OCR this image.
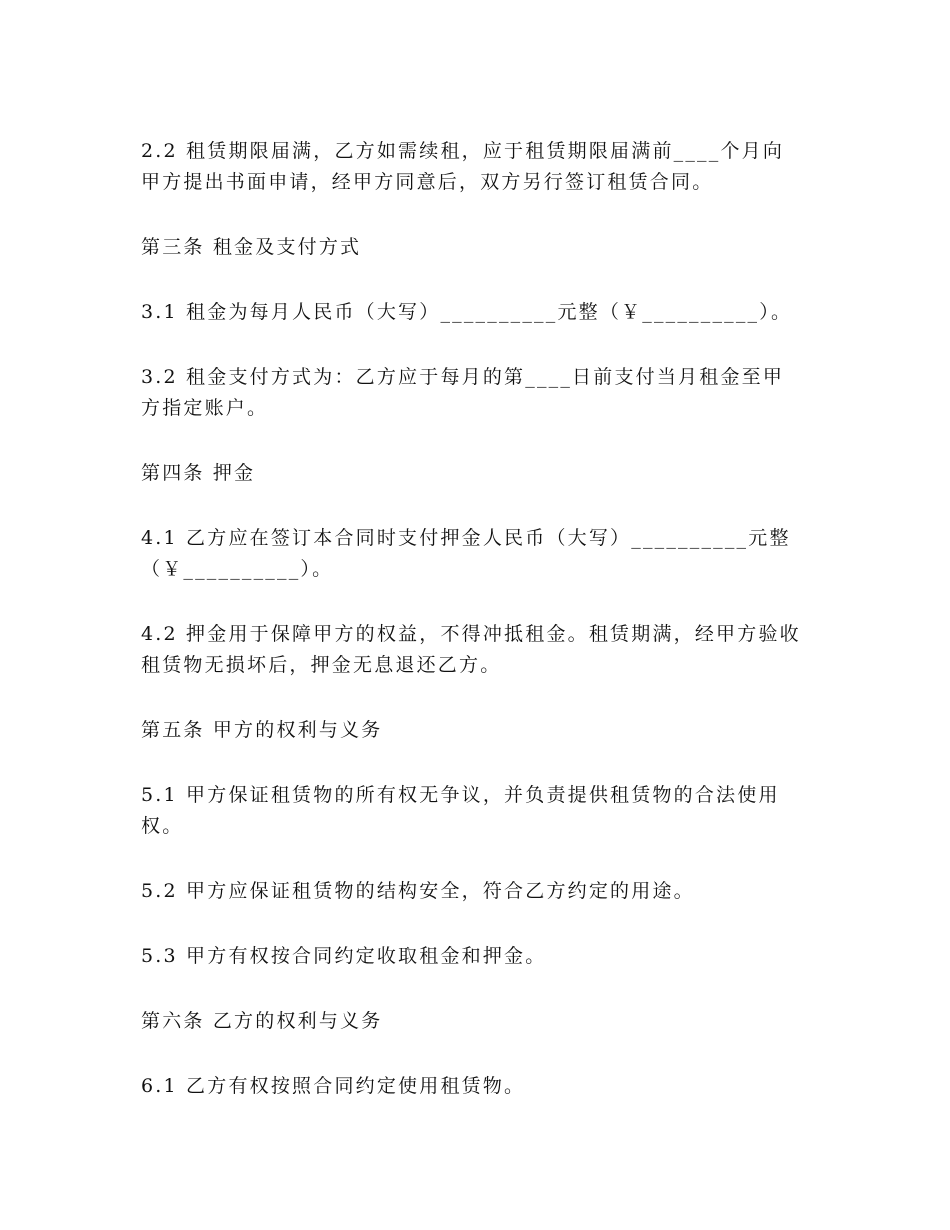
2.2 租赁期限届满，乙方如需续租，应于租赁期限届满前____个月向甲方提出书面申请，经甲方同意后，双方另行签订租赁合同。

第三条 租金及支付方式

3.1 租金为每月人民币（大写）__________元整（￥__________）。

3.2 租金支付方式为：乙方应于每月的第____日前支付当月租金至甲方指定账户。

第四条 押金

4.1 乙方应在签订本合同时支付押金人民币（大写）__________元整（￥__________）。

4.2 押金用于保障甲方的权益，不得冲抵租金。租赁期满，经甲方验收租赁物无损坏后，押金无息退还乙方。

第五条 甲方的权利与义务

5.1 甲方保证租赁物的所有权无争议，并负责提供租赁物的合法使用权。

5.2 甲方应保证租赁物的结构安全，符合乙方约定的用途。

5.3 甲方有权按合同约定收取租金和押金。

第六条 乙方的权利与义务

6.1 乙方有权按照合同约定使用租赁物。
